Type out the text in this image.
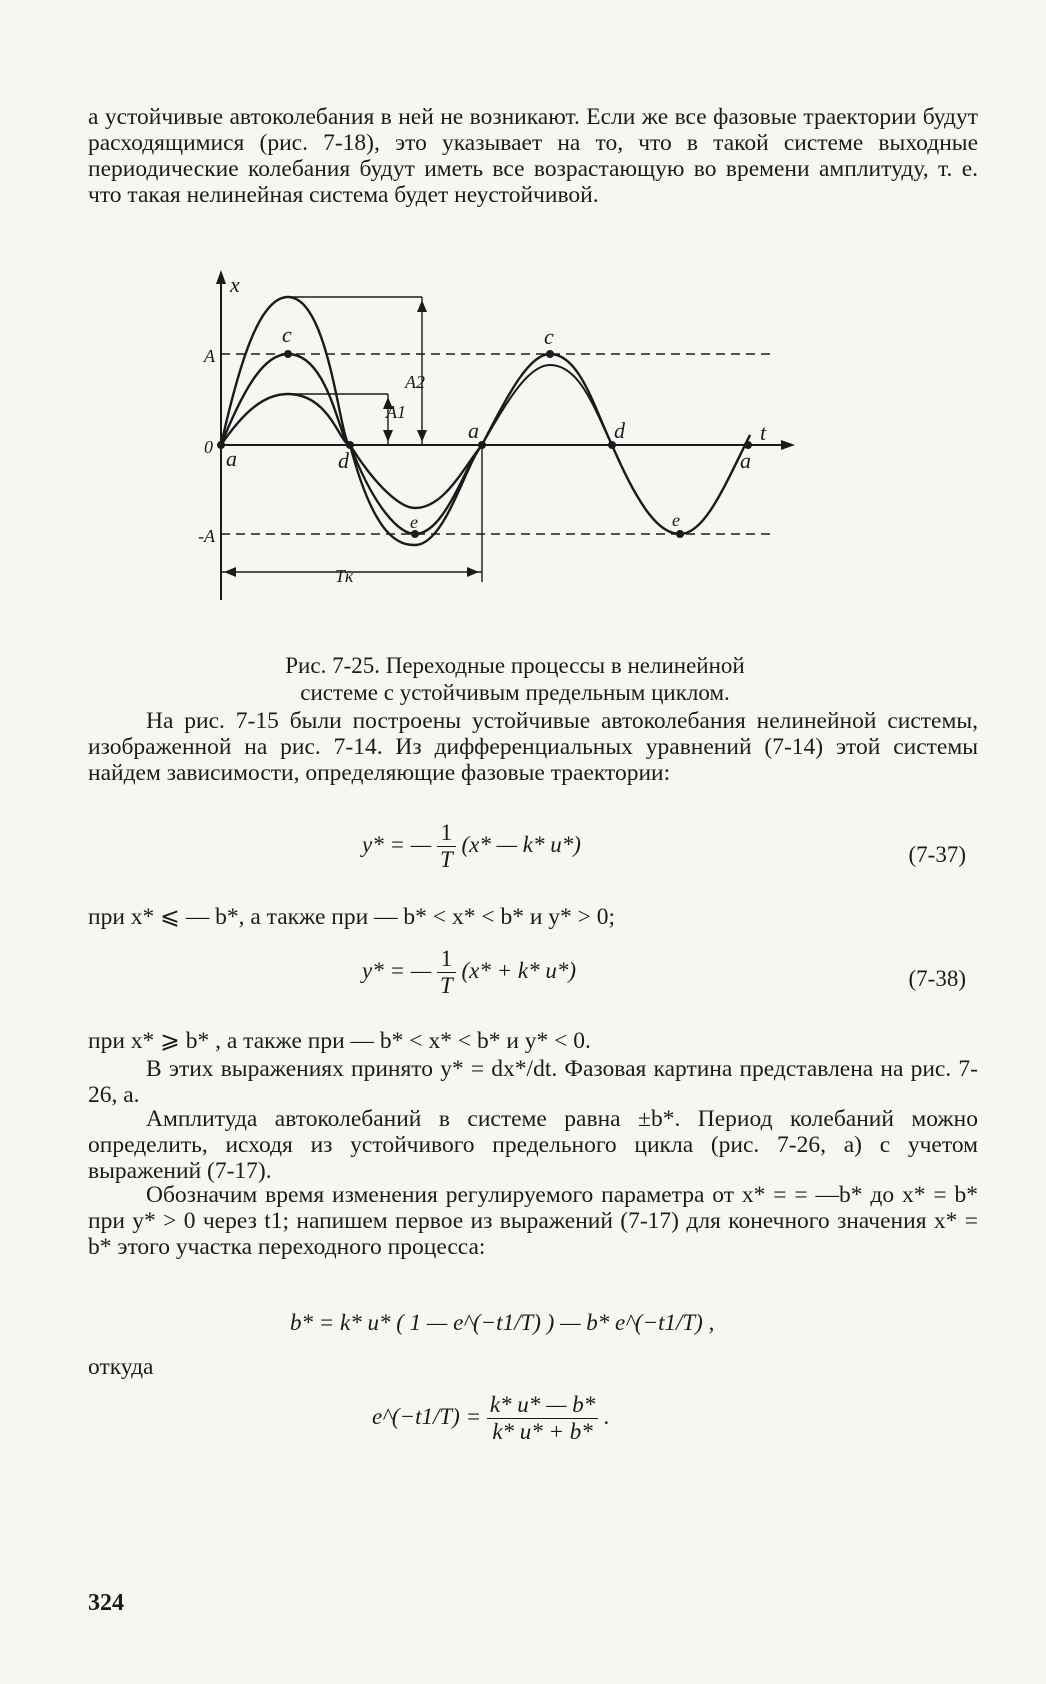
а устойчивые автоколебания в ней не возникают. Если же все фазовые траектории будут расходящимися (рис. 7-18), это указывает на то, что в такой системе выходные периодические колебания будут иметь все возрастающую во времени амплитуду, т. е. что такая нелинейная система будет неустойчивой.

x
t
A
0
-A
A2
A1
Tк
c	c
a
a
a
d
d
e	e
Рис. 7-25. Переходные процессы в нелинейной
системе с устойчивым предельным циклом.

На рис. 7-15 были построены устойчивые автоколебания нелинейной системы, изображенной на рис. 7-14. Из дифференциальных уравнений (7-14) этой системы найдем зависимости, определяющие фазовые траектории:

y* = — $\frac{1}{T} (x*$ — k* u*)	(7-37)
при x* ⩽ — b*, а также при — b* < x* < b* и y* > 0;
y* = — $\frac{1}{T} (x* + k*$ u*)	(7-38)
при x* ⩾ b* , а также при — b* < x* < b* и y* < 0.

В этих выражениях принято y* = dx*/dt. Фазовая картина представлена на рис. 7-26, а.

Амплитуда автоколебаний в системе равна ±b*. Период колебаний можно определить, исходя из устойчивого предельного цикла (рис. 7-26, а) с учетом выражений (7-17).

Обозначим время изменения регулируемого параметра от x* = = —b* до x* = b* при y* > 0 через t1; напишем первое из выражений (7-17) для конечного значения x* = b* этого участка переходного процесса:

b* = k* u* ( 1 — e^(−t1/T) ) — b* e^(−t1/T) ,
откуда
e^(−t1/T) = $\frac{k* u* — b*}{k* u* + b*}$ .
324
